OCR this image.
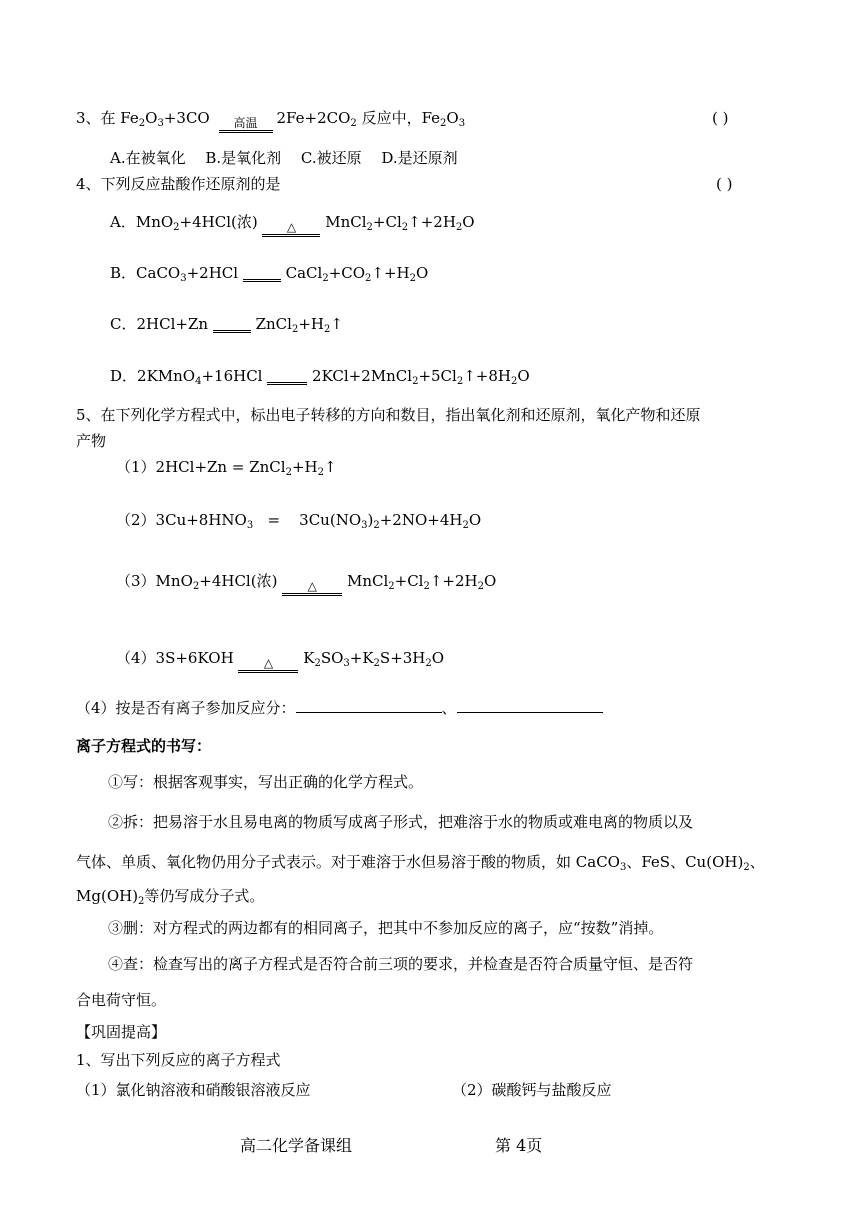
3、在 $Fe_2O_3+3CO$	高温	$2Fe+2CO_2$ 反应中，$Fe_2O_3$	( )
A.在被氧化　 B.是氧化剂　 C.被还原　 D.是还原剂
4、下列反应盐酸作还原剂的是	( )
A．MnO$_2$+4HCl(浓)	△	$MnCl_2+Cl_2↑+2H_2O$
B．CaCO$_3$+2HCl	$CaCl_2+CO_2↑+H_2O$
C．2HCl+Zn	$ZnCl_2+H_2↑$
D．2KMnO$_4$+16HCl	$2KCl+2MnCl_2+5Cl_2↑+8H_2O$
5、在下列化学方程式中，标出电子转移的方向和数目，指出氧化剂和还原剂，氧化产物和还原
产物
$(1)2HCl+Zn = ZnCl_2+H_2↑$
$(2)3Cu+8HNO_3$   =    $3Cu(NO_3)_2+2NO+4H_2O$
（3）MnO$_2$+4HCl(浓)	△	$MnCl_2+Cl_2↑+2H_2O$
（4）3S+6KOH	△	$K_2SO_3+K_2S+3H_2O$
（4）按是否有离子参加反应分：	、
离子方程式的书写：
①写：根据客观事实，写出正确的化学方程式。
②拆：把易溶于水且易电离的物质写成离子形式，把难溶于水的物质或难电离的物质以及
气体、单质、氧化物仍用分子式表示。对于难溶于水但易溶于酸的物质，如 CaCO$_3$、FeS、$Cu(OH)_2$、
$Mg(OH)_2$等仍写成分子式。
③删：对方程式的两边都有的相同离子，把其中不参加反应的离子，应“按数”消掉。
④查：检查写出的离子方程式是否符合前三项的要求，并检查是否符合质量守恒、是否符
合电荷守恒。
【巩固提高】
1、写出下列反应的离子方程式
（1）氯化钠溶液和硝酸银溶液反应	（2）碳酸钙与盐酸反应
高二化学备课组	第 4页
